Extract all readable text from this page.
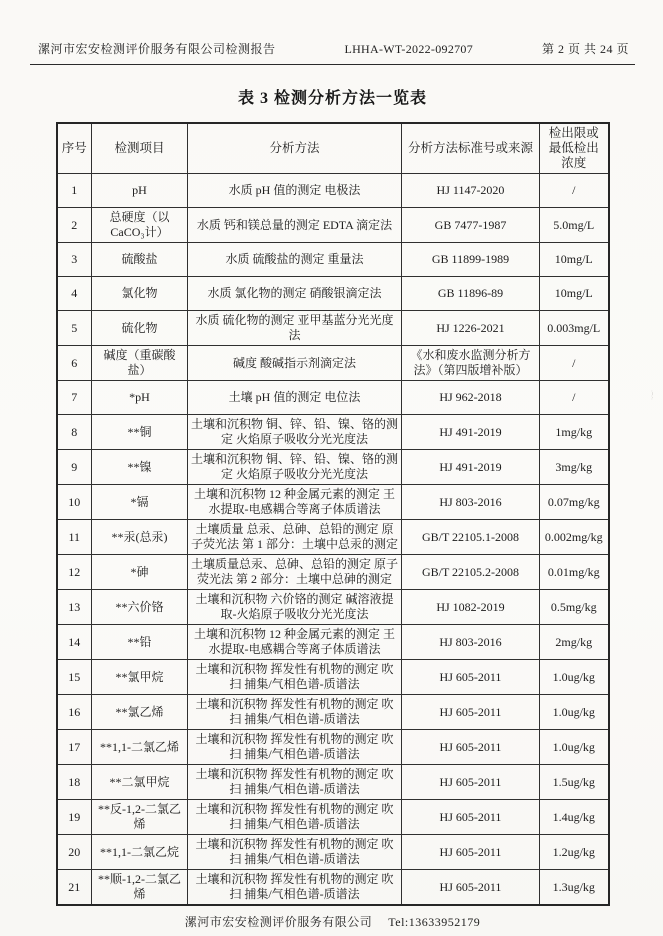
漯河市宏安检测评价服务有限公司检测报告	LHHA-WT-2022-092707	第 2 页 共 24 页
表 3 检测分析方法一览表
序号	检测项目	分析方法	分析方法标准号或来源	检出限或最低检出浓度
1	pH	水质 pH 值的测定 电极法	HJ 1147-2020	/
2	总硬度（以CaCO₃计）	水质 钙和镁总量的测定 EDTA 滴定法	GB 7477-1987	5.0mg/L
3	硫酸盐	水质 硫酸盐的测定 重量法	GB 11899-1989	10mg/L
4	氯化物	水质 氯化物的测定 硝酸银滴定法	GB 11896-89	10mg/L
5	硫化物	水质 硫化物的测定 亚甲基蓝分光光度法	HJ 1226-2021	0.003mg/L
6	碱度（重碳酸盐）	碱度 酸碱指示剂滴定法	《水和废水监测分析方法》（第四版增补版）	/
7	*pH	土壤 pH 值的测定 电位法	HJ 962-2018	/
8	**铜	土壤和沉积物 铜、锌、铅、镍、铬的测定 火焰原子吸收分光光度法	HJ 491-2019	1mg/kg
9	**镍	土壤和沉积物 铜、锌、铅、镍、铬的测定 火焰原子吸收分光光度法	HJ 491-2019	3mg/kg
10	*镉	土壤和沉积物 12 种金属元素的测定 王水提取-电感耦合等离子体质谱法	HJ 803-2016	0.07mg/kg
11	**汞(总汞)	土壤质量 总汞、总砷、总铅的测定 原子荧光法 第 1 部分：土壤中总汞的测定	GB/T 22105.1-2008	0.002mg/kg
12	*砷	土壤质量总汞、总砷、总铅的测定 原子荧光法 第 2 部分：土壤中总砷的测定	GB/T 22105.2-2008	0.01mg/kg
13	**六价铬	土壤和沉积物 六价铬的测定 碱溶液提取-火焰原子吸收分光光度法	HJ 1082-2019	0.5mg/kg
14	**铅	土壤和沉积物 12 种金属元素的测定 王水提取-电感耦合等离子体质谱法	HJ 803-2016	2mg/kg
15	**氯甲烷	土壤和沉积物 挥发性有机物的测定 吹扫 捕集/气相色谱-质谱法	HJ 605-2011	1.0ug/kg
16	**氯乙烯	土壤和沉积物 挥发性有机物的测定 吹扫 捕集/气相色谱-质谱法	HJ 605-2011	1.0ug/kg
17	**1,1-二氯乙烯	土壤和沉积物 挥发性有机物的测定 吹扫 捕集/气相色谱-质谱法	HJ 605-2011	1.0ug/kg
18	**二氯甲烷	土壤和沉积物 挥发性有机物的测定 吹扫 捕集/气相色谱-质谱法	HJ 605-2011	1.5ug/kg
19	**反-1,2-二氯乙烯	土壤和沉积物 挥发性有机物的测定 吹扫 捕集/气相色谱-质谱法	HJ 605-2011	1.4ug/kg
20	**1,1-二氯乙烷	土壤和沉积物 挥发性有机物的测定 吹扫 捕集/气相色谱-质谱法	HJ 605-2011	1.2ug/kg
21	**顺-1,2-二氯乙烯	土壤和沉积物 挥发性有机物的测定 吹扫 捕集/气相色谱-质谱法	HJ 605-2011	1.3ug/kg
漯河市宏安检测评价服务有限公司 Tel:13633952179
·᠊᠊᠊·᠊·
